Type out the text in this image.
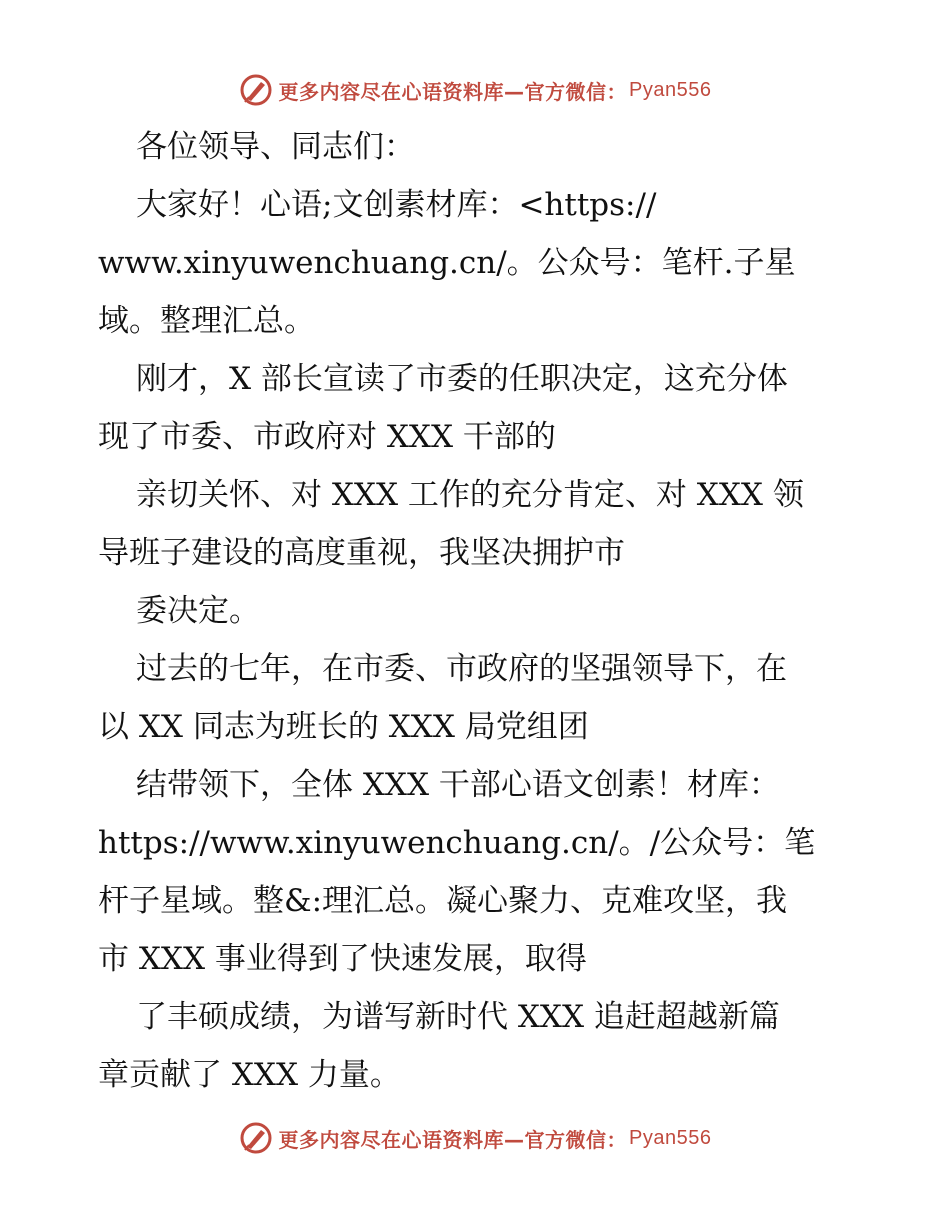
更多内容尽在心语资料库—官方微信： Pyan556
各位领导、同志们：
大家好！心语;文创素材库：<https://
www.xinyuwenchuang.cn/。公众号：笔杆.子星
域。整理汇总。
刚才，X 部长宣读了市委的任职决定，这充分体
现了市委、市政府对 XXX 干部的
亲切关怀、对 XXX 工作的充分肯定、对 XXX 领
导班子建设的高度重视，我坚决拥护市
委决定。
过去的七年，在市委、市政府的坚强领导下，在
以 XX 同志为班长的 XXX 局党组团
结带领下，全体 XXX 干部心语文创素！材库：
https://www.xinyuwenchuang.cn/。/公众号：笔
杆子星域。整&:理汇总。凝心聚力、克难攻坚，我
市 XXX 事业得到了快速发展，取得
了丰硕成绩，为谱写新时代 XXX 追赶超越新篇
章贡献了 XXX 力量。
更多内容尽在心语资料库—官方微信： Pyan556
